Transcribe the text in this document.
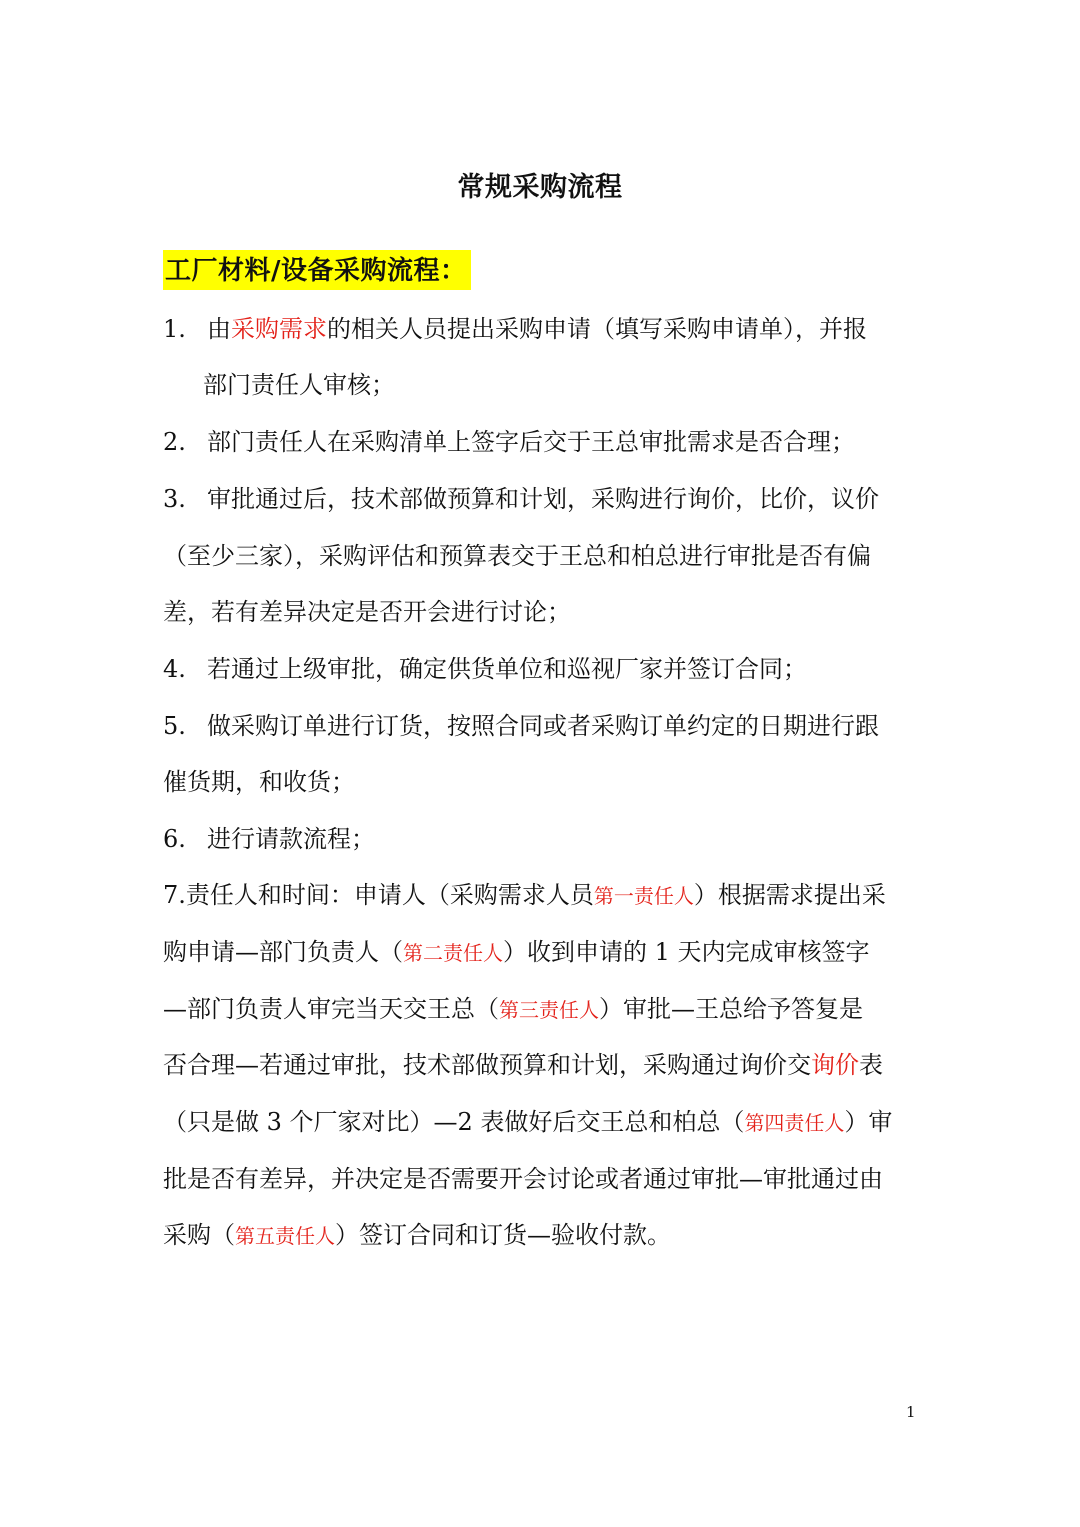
常规采购流程
工厂材料/设备采购流程：
1. 由采购需求的相关人员提出采购申请（填写采购申请单），并报
部门责任人审核；
2. 部门责任人在采购清单上签字后交于王总审批需求是否合理；
3. 审批通过后，技术部做预算和计划，采购进行询价，比价，议价
（至少三家），采购评估和预算表交于王总和柏总进行审批是否有偏
差，若有差异决定是否开会进行讨论；
4. 若通过上级审批，确定供货单位和巡视厂家并签订合同；
5. 做采购订单进行订货，按照合同或者采购订单约定的日期进行跟
催货期，和收货；
6. 进行请款流程；
7.责任人和时间：申请人（采购需求人员第一责任人）根据需求提出采
购申请—部门负责人（第二责任人）收到申请的 1 天内完成审核签字
—部门负责人审完当天交王总（第三责任人）审批—王总给予答复是
否合理—若通过审批，技术部做预算和计划，采购通过询价交询价表
（只是做 3 个厂家对比）—2 表做好后交王总和柏总（第四责任人）审
批是否有差异，并决定是否需要开会讨论或者通过审批—审批通过由
采购（第五责任人）签订合同和订货—验收付款。
1
